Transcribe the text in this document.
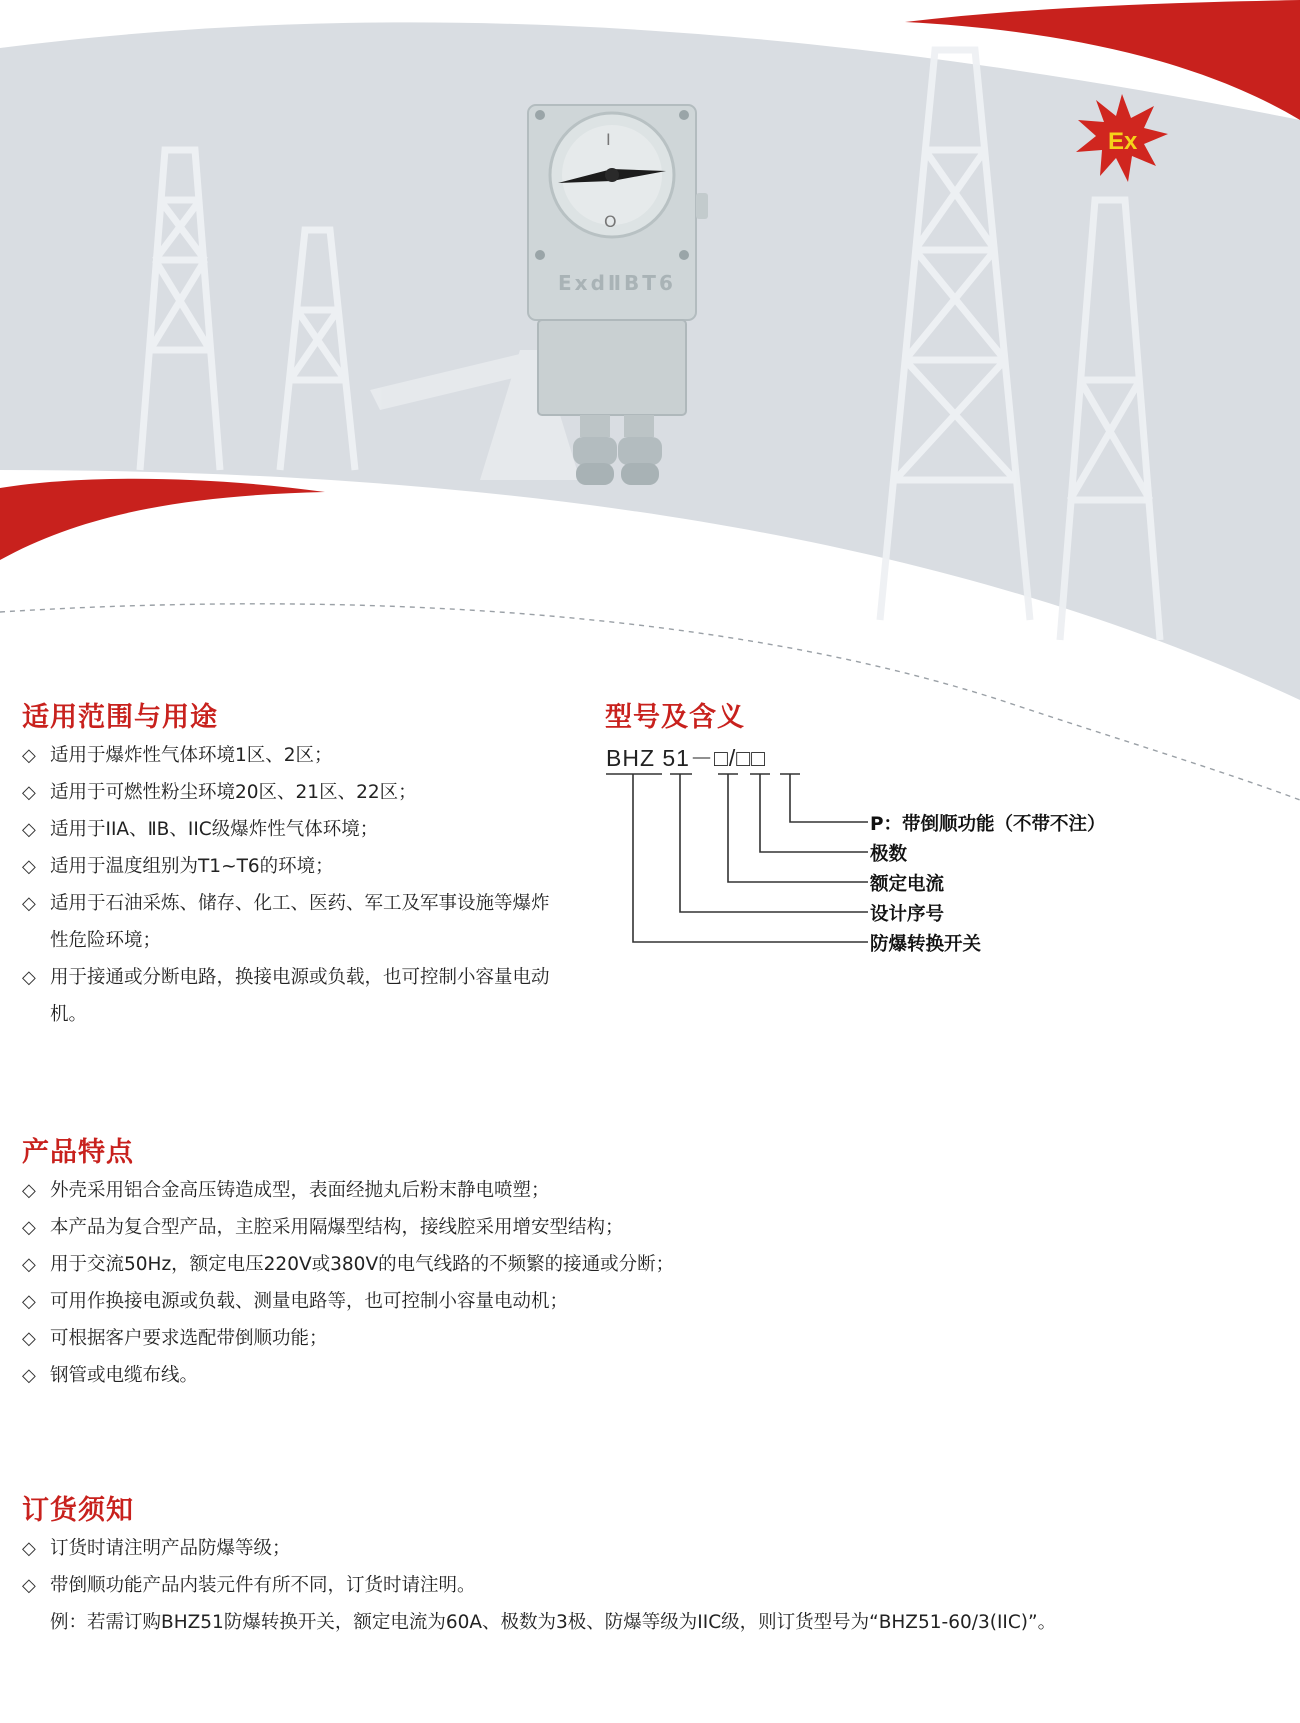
Ex
I
O
ExdⅡBT6
适用范围与用途
◇ 适用于爆炸性气体环境1区、2区；
◇ 适用于可燃性粉尘环境20区、21区、22区；
◇ 适用于IIA、ⅡB、IIC级爆炸性气体环境；
◇ 适用于温度组别为T1~T6的环境；
◇ 适用于石油采炼、储存、化工、医药、军工及军事设施等爆炸性危险环境；
◇ 用于接通或分断电路，换接电源或负载，也可控制小容量电动机。
型号及含义
BHZ 51－□/□□
P：带倒顺功能（不带不注）
极数
额定电流
设计序号
防爆转换开关
产品特点
◇ 外壳采用铝合金高压铸造成型，表面经抛丸后粉末静电喷塑；
◇ 本产品为复合型产品，主腔采用隔爆型结构，接线腔采用增安型结构；
◇ 用于交流50Hz，额定电压220V或380V的电气线路的不频繁的接通或分断；
◇ 可用作换接电源或负载、测量电路等，也可控制小容量电动机；
◇ 可根据客户要求选配带倒顺功能；
◇ 钢管或电缆布线。
订货须知
◇ 订货时请注明产品防爆等级；
◇ 带倒顺功能产品内装元件有所不同，订货时请注明。
例：若需订购BHZ51防爆转换开关，额定电流为60A、极数为3极、防爆等级为IIC级，则订货型号为“BHZ51-60/3(IIC)”。
